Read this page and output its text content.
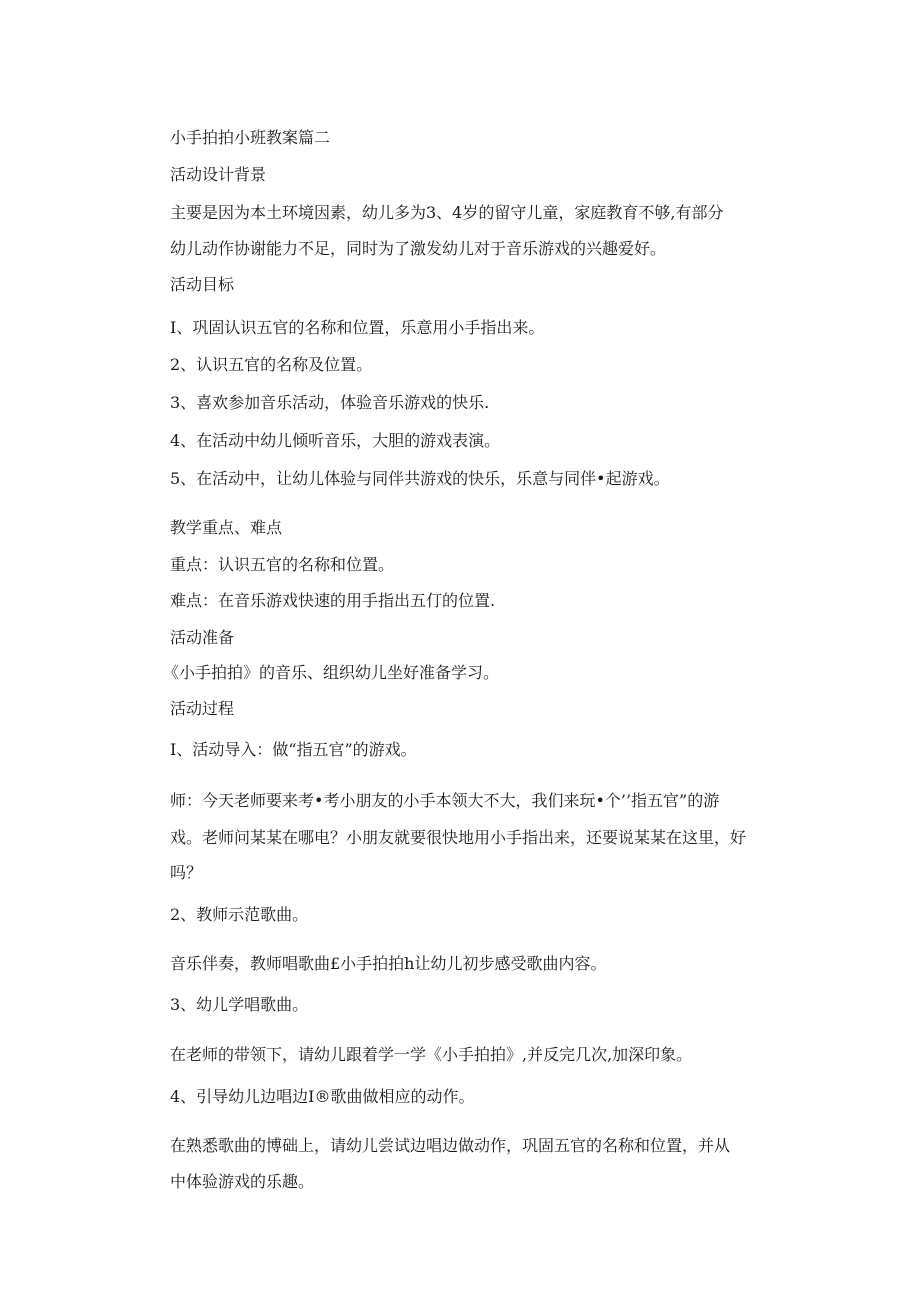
小手拍拍小班教案篇二
活动设计背景
主要是因为本土环境因素，幼儿多为3、4岁的留守儿童，家庭教育不够,有部分
幼儿动作协谢能力不足，同时为了激发幼儿对于音乐游戏的兴趣爱好。
活动目标
I、巩固认识五官的名称和位置，乐意用小手指出来。
2、认识五官的名称及位置。
3、喜欢参加音乐活动，体验音乐游戏的快乐.
4、在活动中幼儿倾听音乐，大胆的游戏表演。
5、在活动中，让幼儿体验与同伴共游戏的快乐，乐意与同伴•起游戏。
教学重点、难点
重点：认识五官的名称和位置。
难点：在音乐游戏快速的用手指出五仃的位置.
活动准备
《小手拍拍》的音乐、组织幼儿坐好准备学习。
活动过程
I、活动导入：做“指五官”的游戏。
师：今天老师要来考•考小朋友的小手本领大不大，我们来玩•个’’指五官”的游
戏。老师问某某在哪电？小朋友就要很快地用小手指出来，还要说某某在这里，好
吗？
2、教师示范歌曲。
音乐伴奏，教师唱歌曲£小手拍拍h让幼儿初步感受歌曲内容。
3、幼儿学唱歌曲。
在老师的带领下，请幼儿跟着学一学《小手拍拍》,并反完几次,加深印象。
4、引导幼儿边唱边I®歌曲做相应的动作。
在熟悉歌曲的博础上，请幼儿尝试边唱边做动作，巩固五官的名称和位置，并从
中体验游戏的乐趣。
